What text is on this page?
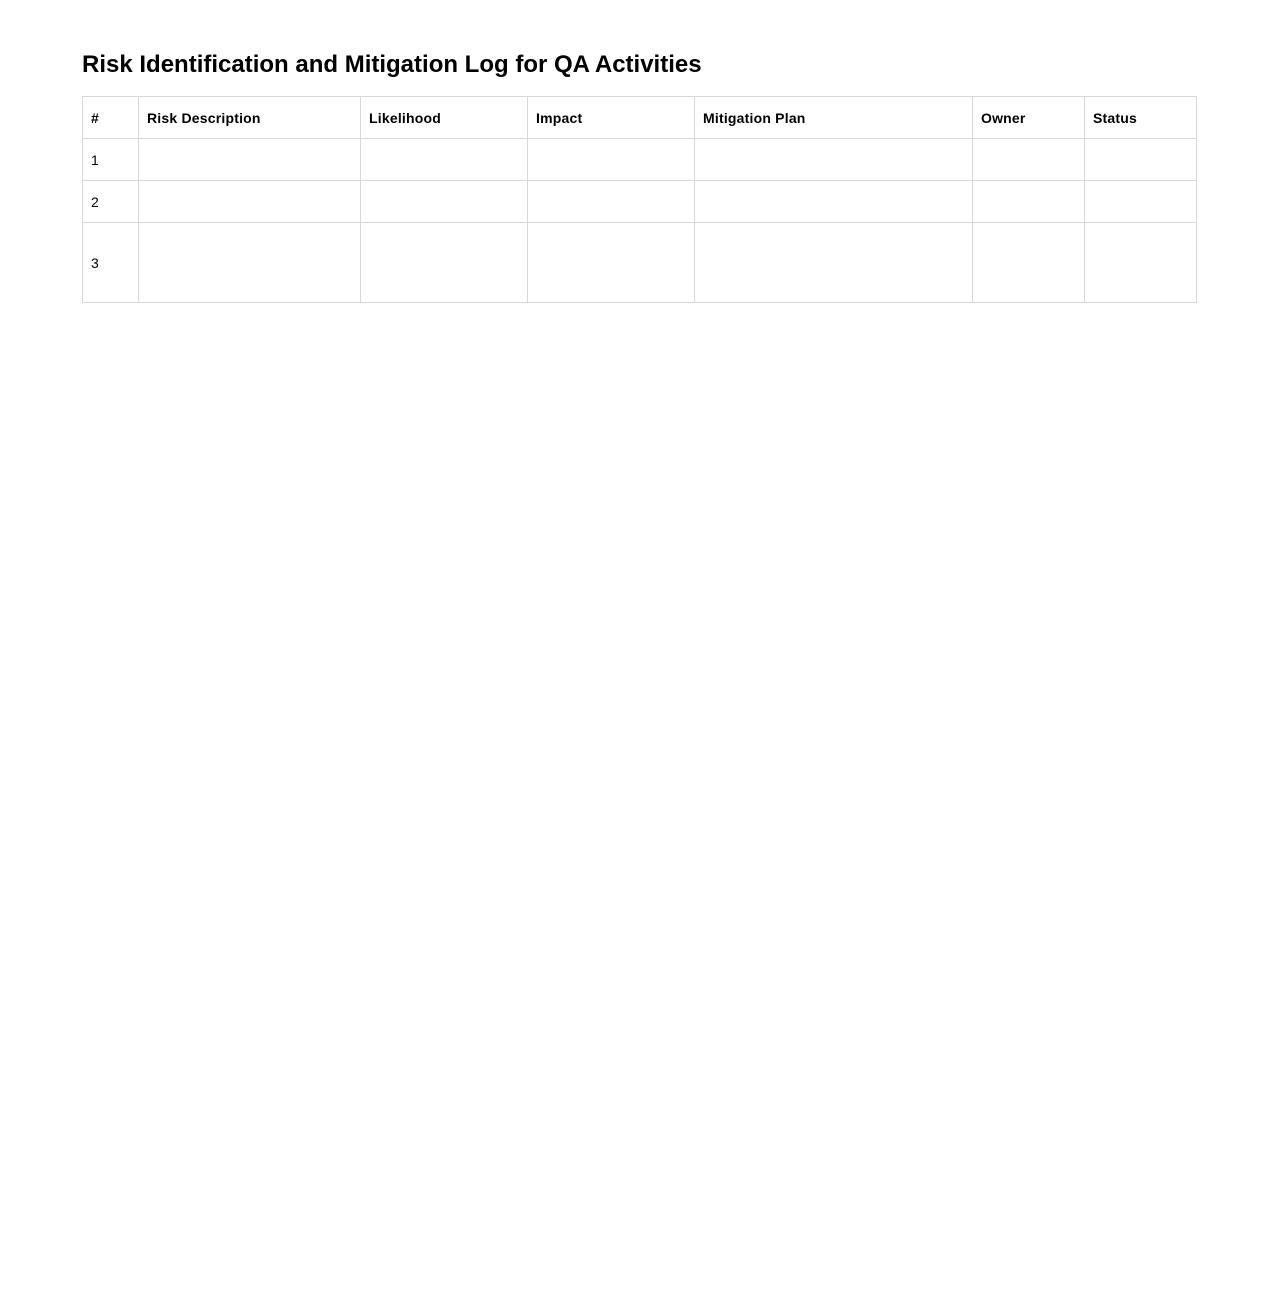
Risk Identification and Mitigation Log for QA Activities
#	Risk Description	Likelihood	Impact	Mitigation Plan	Owner	Status
1						
2						
3						
